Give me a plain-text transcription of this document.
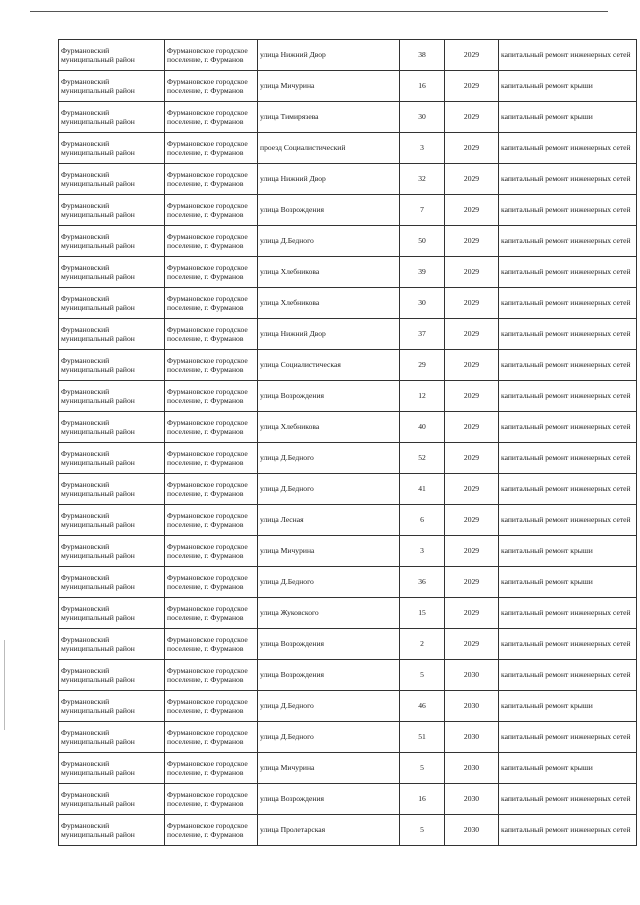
Фурмановский муниципальный район	Фурмановское городское поселение, г. Фурманов	улица Нижний Двор	38	2029	капитальный ремонт инженерных сетей
Фурмановский муниципальный район	Фурмановское городское поселение, г. Фурманов	улица Мичурина	16	2029	капитальный ремонт крыши
Фурмановский муниципальный район	Фурмановское городское поселение, г. Фурманов	улица Тимирязева	30	2029	капитальный ремонт крыши
Фурмановский муниципальный район	Фурмановское городское поселение, г. Фурманов	проезд Социалистический	3	2029	капитальный ремонт инженерных сетей
Фурмановский муниципальный район	Фурмановское городское поселение, г. Фурманов	улица Нижний Двор	32	2029	капитальный ремонт инженерных сетей
Фурмановский муниципальный район	Фурмановское городское поселение, г. Фурманов	улица Возрождения	7	2029	капитальный ремонт инженерных сетей
Фурмановский муниципальный район	Фурмановское городское поселение, г. Фурманов	улица Д.Бедного	50	2029	капитальный ремонт инженерных сетей
Фурмановский муниципальный район	Фурмановское городское поселение, г. Фурманов	улица Хлебникова	39	2029	капитальный ремонт инженерных сетей
Фурмановский муниципальный район	Фурмановское городское поселение, г. Фурманов	улица Хлебникова	30	2029	капитальный ремонт инженерных сетей
Фурмановский муниципальный район	Фурмановское городское поселение, г. Фурманов	улица Нижний Двор	37	2029	капитальный ремонт инженерных сетей
Фурмановский муниципальный район	Фурмановское городское поселение, г. Фурманов	улица Социалистическая	29	2029	капитальный ремонт инженерных сетей
Фурмановский муниципальный район	Фурмановское городское поселение, г. Фурманов	улица Возрождения	12	2029	капитальный ремонт инженерных сетей
Фурмановский муниципальный район	Фурмановское городское поселение, г. Фурманов	улица Хлебникова	40	2029	капитальный ремонт инженерных сетей
Фурмановский муниципальный район	Фурмановское городское поселение, г. Фурманов	улица Д.Бедного	52	2029	капитальный ремонт инженерных сетей
Фурмановский муниципальный район	Фурмановское городское поселение, г. Фурманов	улица Д.Бедного	41	2029	капитальный ремонт инженерных сетей
Фурмановский муниципальный район	Фурмановское городское поселение, г. Фурманов	улица Лесная	6	2029	капитальный ремонт инженерных сетей
Фурмановский муниципальный район	Фурмановское городское поселение, г. Фурманов	улица Мичурина	3	2029	капитальный ремонт крыши
Фурмановский муниципальный район	Фурмановское городское поселение, г. Фурманов	улица Д.Бедного	36	2029	капитальный ремонт крыши
Фурмановский муниципальный район	Фурмановское городское поселение, г. Фурманов	улица Жуковского	15	2029	капитальный ремонт инженерных сетей
Фурмановский муниципальный район	Фурмановское городское поселение, г. Фурманов	улица Возрождения	2	2029	капитальный ремонт инженерных сетей
Фурмановский муниципальный район	Фурмановское городское поселение, г. Фурманов	улица Возрождения	5	2030	капитальный ремонт инженерных сетей
Фурмановский муниципальный район	Фурмановское городское поселение, г. Фурманов	улица Д.Бедного	46	2030	капитальный ремонт крыши
Фурмановский муниципальный район	Фурмановское городское поселение, г. Фурманов	улица Д.Бедного	51	2030	капитальный ремонт инженерных сетей
Фурмановский муниципальный район	Фурмановское городское поселение, г. Фурманов	улица Мичурина	5	2030	капитальный ремонт крыши
Фурмановский муниципальный район	Фурмановское городское поселение, г. Фурманов	улица Возрождения	16	2030	капитальный ремонт инженерных сетей
Фурмановский муниципальный район	Фурмановское городское поселение, г. Фурманов	улица Пролетарская	5	2030	капитальный ремонт инженерных сетей
